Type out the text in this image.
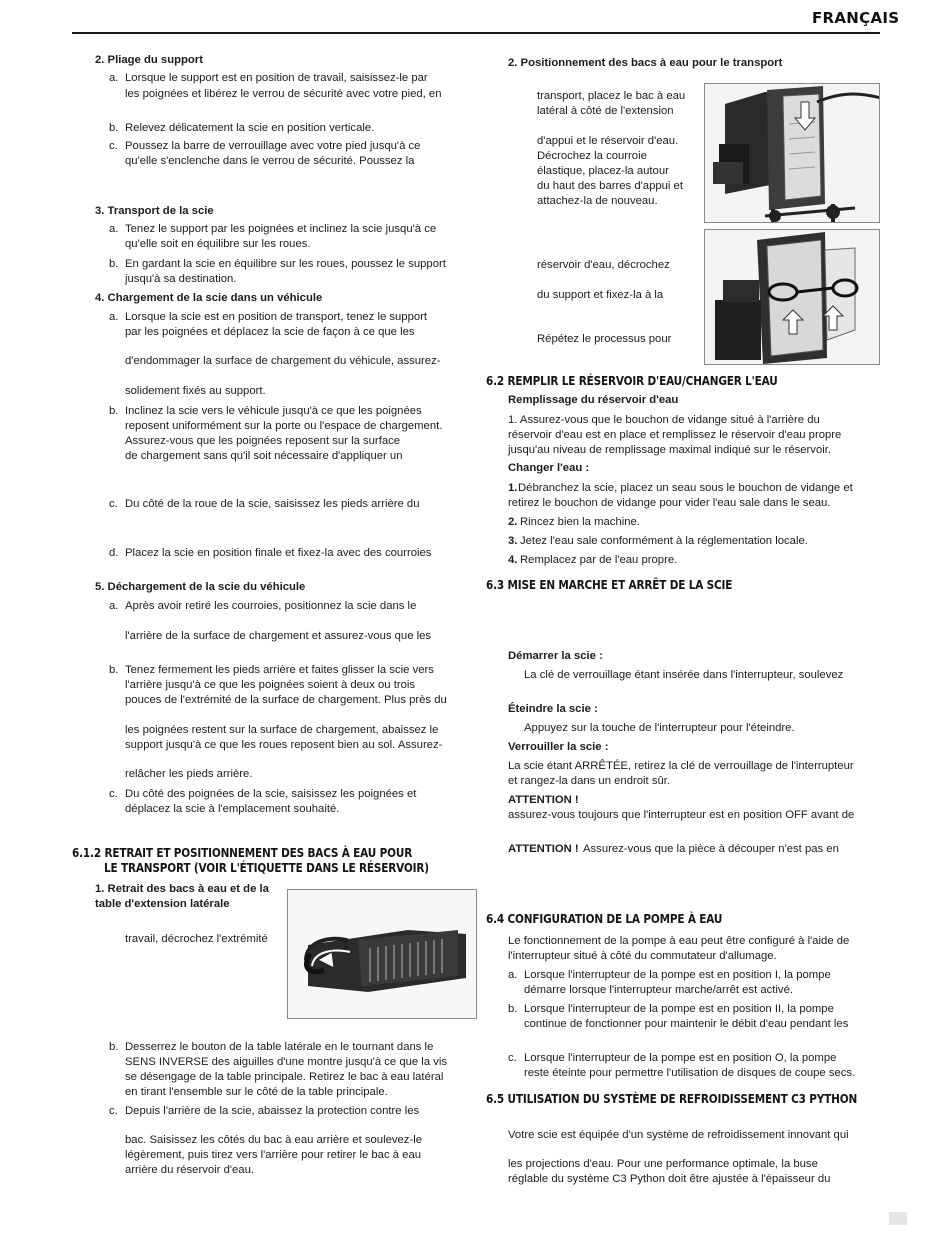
FRANÇAIS
2. Pliage du support
a. Lorsque le support est en position de travail, saisissez-le par
les poignées et libérez le verrou de sécurité avec votre pied, en
b. Relevez délicatement la scie en position verticale.
c. Poussez la barre de verrouillage avec votre pied jusqu'à ce
qu'elle s'enclenche dans le verrou de sécurité. Poussez la
3. Transport de la scie
a. Tenez le support par les poignées et inclinez la scie jusqu'à ce
qu'elle soit en équilibre sur les roues.
b. En gardant la scie en équilibre sur les roues, poussez le support
jusqu'à sa destination.
4. Chargement de la scie dans un véhicule
a. Lorsque la scie est en position de transport, tenez le support
par les poignées et déplacez la scie de façon à ce que les
d'endommager la surface de chargement du véhicule, assurez-
solidement fixés au support.
b. Inclinez la scie vers le véhicule jusqu'à ce que les poignées
reposent uniformément sur la porte ou l'espace de chargement.
Assurez-vous que les poignées reposent sur la surface
de chargement sans qu'il soit nécessaire d'appliquer un
c. Du côté de la roue de la scie, saisissez les pieds arrière du
d. Placez la scie en position finale et fixez-la avec des courroies
5. Déchargement de la scie du véhicule
a. Après avoir retiré les courroies, positionnez la scie dans le
l'arrière de la surface de chargement et assurez-vous que les
b. Tenez fermement les pieds arrière et faites glisser la scie vers
l'arrière jusqu'à ce que les poignées soient à deux ou trois
pouces de l'extrémité de la surface de chargement. Plus près du
les poignées restent sur la surface de chargement, abaissez le
support jusqu'à ce que les roues reposent bien au sol. Assurez-
relâcher les pieds arrière.
c. Du côté des poignées de la scie, saisissez les poignées et
déplacez la scie à l'emplacement souhaité.
1. Retrait des bacs à eau et de la
table d'extension latérale
travail, décrochez l'extrémité
b. Desserrez le bouton de la table latérale en le tournant dans le
SENS INVERSE des aiguilles d'une montre jusqu'à ce que la vis
se désengage de la table principale. Retirez le bac à eau latéral
en tirant l'ensemble sur le côté de la table principale.
c. Depuis l'arrière de la scie, abaissez la protection contre les
bac. Saisissez les côtés du bac à eau arrière et soulevez-le
légèrement, puis tirez vers l'arrière pour retirer le bac à eau
arrière du réservoir d'eau.
2. Positionnement des bacs à eau pour le transport
transport, placez le bac à eau
latéral à côté de l'extension
d'appui et le réservoir d'eau.
Décrochez la courroie
élastique, placez-la autour
du haut des barres d'appui et
attachez-la de nouveau.
réservoir d'eau, décrochez
du support et fixez-la à la
Répétez le processus pour
Remplissage du réservoir d'eau
1. Assurez-vous que le bouchon de vidange situé à l'arrière du
réservoir d'eau est en place et remplissez le réservoir d'eau propre
jusqu'au niveau de remplissage maximal indiqué sur le réservoir.
Changer l'eau :
1. Débranchez la scie, placez un seau sous le bouchon de vidange et
retirez le bouchon de vidange pour vider l'eau sale dans le seau.
2. Rincez bien la machine.
3. Jetez l'eau sale conformément à la réglementation locale.
4. Remplacez par de l'eau propre.
Démarrer la scie :
La clé de verrouillage étant insérée dans l'interrupteur, soulevez
Éteindre la scie :
Appuyez sur la touche de l'interrupteur pour l'éteindre.
Verrouiller la scie :
La scie étant ARRÊTÉE, retirez la clé de verrouillage de l'interrupteur
et rangez-la dans un endroit sûr.
ATTENTION !
assurez-vous toujours que l'interrupteur est en position OFF avant de
ATTENTION ! Assurez-vous que la pièce à découper n'est pas en
Le fonctionnement de la pompe à eau peut être configuré à l'aide de
l'interrupteur situé à côté du commutateur d'allumage.
a. Lorsque l'interrupteur de la pompe est en position I, la pompe
démarre lorsque l'interrupteur marche/arrêt est activé.
b. Lorsque l'interrupteur de la pompe est en position II, la pompe
continue de fonctionner pour maintenir le débit d'eau pendant les
c. Lorsque l'interrupteur de la pompe est en position O, la pompe
reste éteinte pour permettre l'utilisation de disques de coupe secs.
Votre scie est équipée d'un système de refroidissement innovant qui
les projections d'eau. Pour une performance optimale, la buse
réglable du système C3 Python doit être ajustée à l'épaisseur du
6.2 REMPLIR LE RÉSERVOIR D'EAU/CHANGER L'EAU
6.3 MISE EN MARCHE ET ARRÊT DE LA SCIE
6.1.2 RETRAIT ET POSITIONNEMENT DES BACS À EAU POUR
LE TRANSPORT (VOIR L'ÉTIQUETTE DANS LE RÉSERVOIR)
6.4 CONFIGURATION DE LA POMPE À EAU
6.5 UTILISATION DU SYSTÈME DE REFROIDISSEMENT C3 PYTHON
